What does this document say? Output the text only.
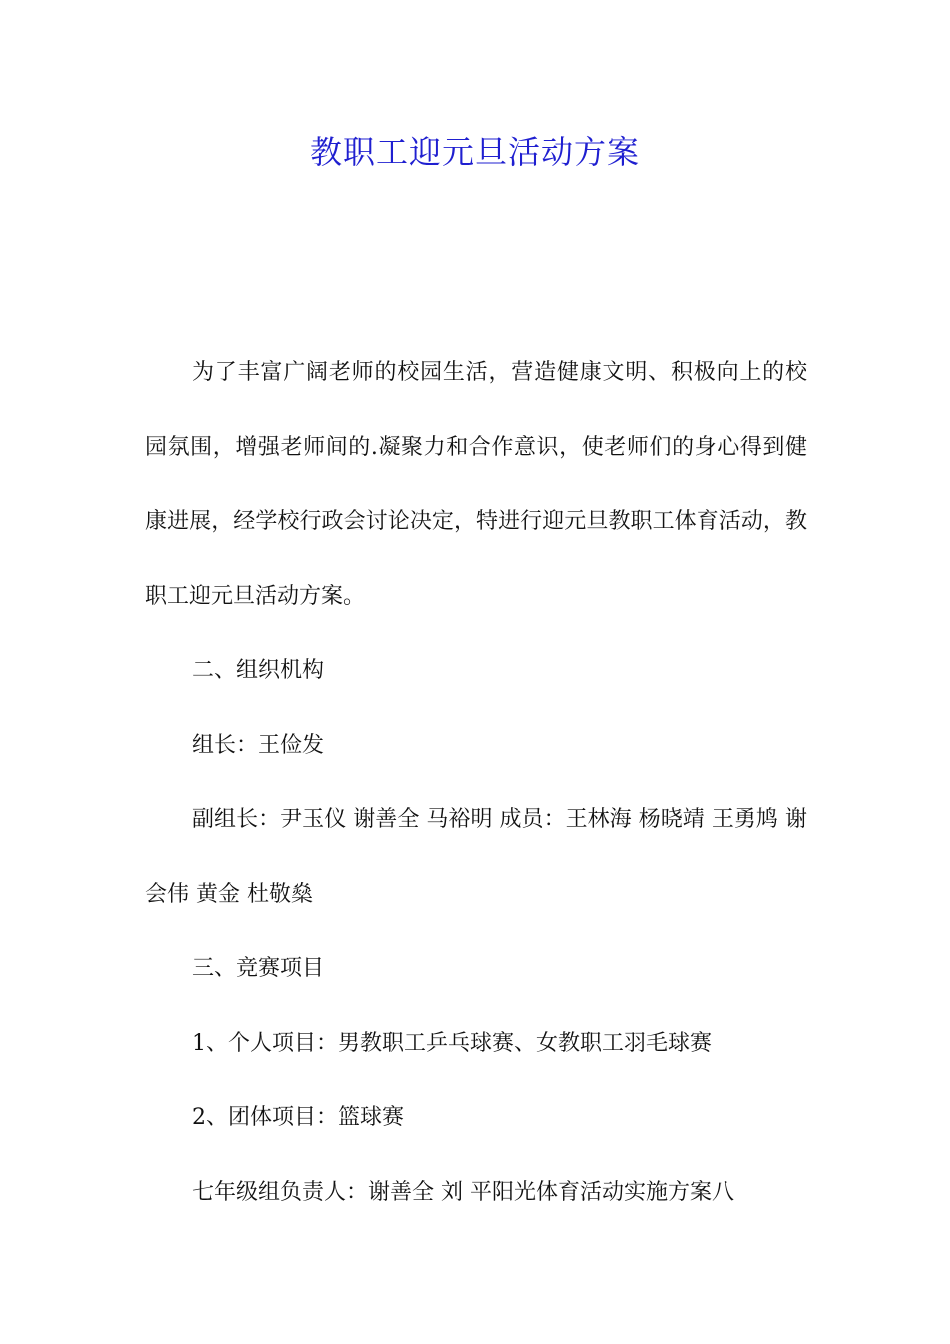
教职工迎元旦活动方案

为了丰富广阔老师的校园生活，营造健康文明、积极向上的校园氛围，增强老师间的.凝聚力和合作意识，使老师们的身心得到健康进展，经学校行政会讨论决定，特进行迎元旦教职工体育活动，教职工迎元旦活动方案。

二、组织机构

组长：王俭发

副组长：尹玉仪 谢善全 马裕明 成员：王林海 杨晓靖 王勇鸠 谢会伟 黄金 杜敬燊

三、竞赛项目

1、个人项目：男教职工乒乓球赛、女教职工羽毛球赛

2、团体项目：篮球赛

七年级组负责人：谢善全 刘 平阳光体育活动实施方案八
